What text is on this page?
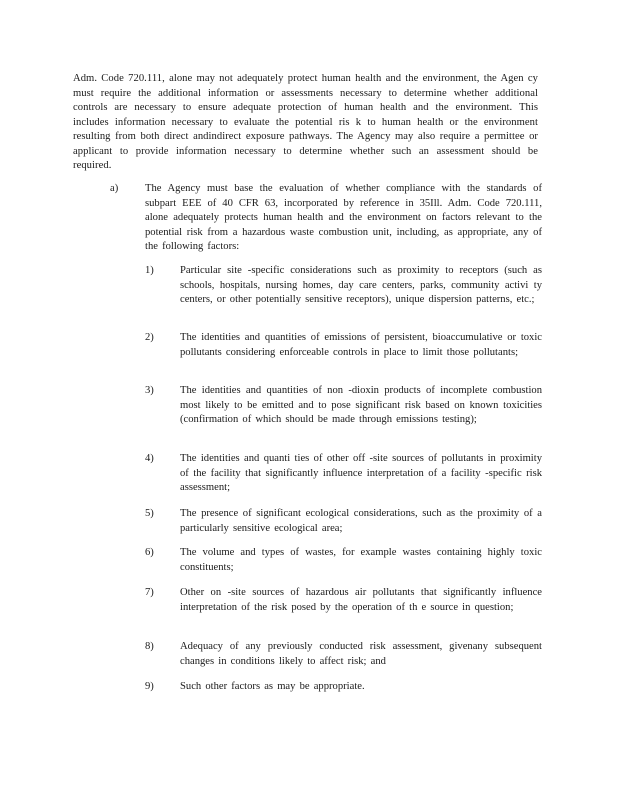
Adm. Code 720.111, alone may not adequately protect human health and the environment, the Agen cy must require the additional information or assessments necessary to determine whether additional controls are necessary to ensure adequate protection of human health and the environment. This includes information necessary to evaluate the potential ris k to human health or the environment resulting from both direct andindirect exposure pathways. The Agency may also require a permittee or applicant to provide information necessary to determine whether such an assessment should be required.

a)	The Agency must base the evaluation of whether compliance with the standards of subpart EEE of 40 CFR 63, incorporated by reference in 35Ill. Adm. Code 720.111, alone adequately protects human health and the environment on factors relevant to the potential risk from a hazardous waste combustion unit, including, as appropriate, any of the following factors:

1) Particular site -specific considerations such as proximity to receptors (such as schools, hospitals, nursing homes, day care centers, parks, community activi ty centers, or other potentially sensitive receptors), unique dispersion patterns, etc.;

2) The identities and quantities of emissions of persistent, bioaccumulative or toxic pollutants considering enforceable controls in place to limit those pollutants;

3) The identities and quantities of non -dioxin products of incomplete combustion most likely to be emitted and to pose significant risk based on known toxicities (confirmation of which should be made through emissions testing);

4) The identities and quanti ties of other off -site sources of pollutants in proximity of the facility that significantly influence interpretation of a facility -specific risk assessment;

5) The presence of significant ecological considerations, such as the proximity of a particularly sensitive ecological area;

6) The volume and types of wastes, for example wastes containing highly toxic constituents;

7) Other on -site sources of hazardous air pollutants that significantly influence interpretation of the risk posed by the operation of th e source in question;

8) Adequacy of any previously conducted risk assessment, givenany subsequent changes in conditions likely to affect risk; and

9) Such other factors as may be appropriate.
